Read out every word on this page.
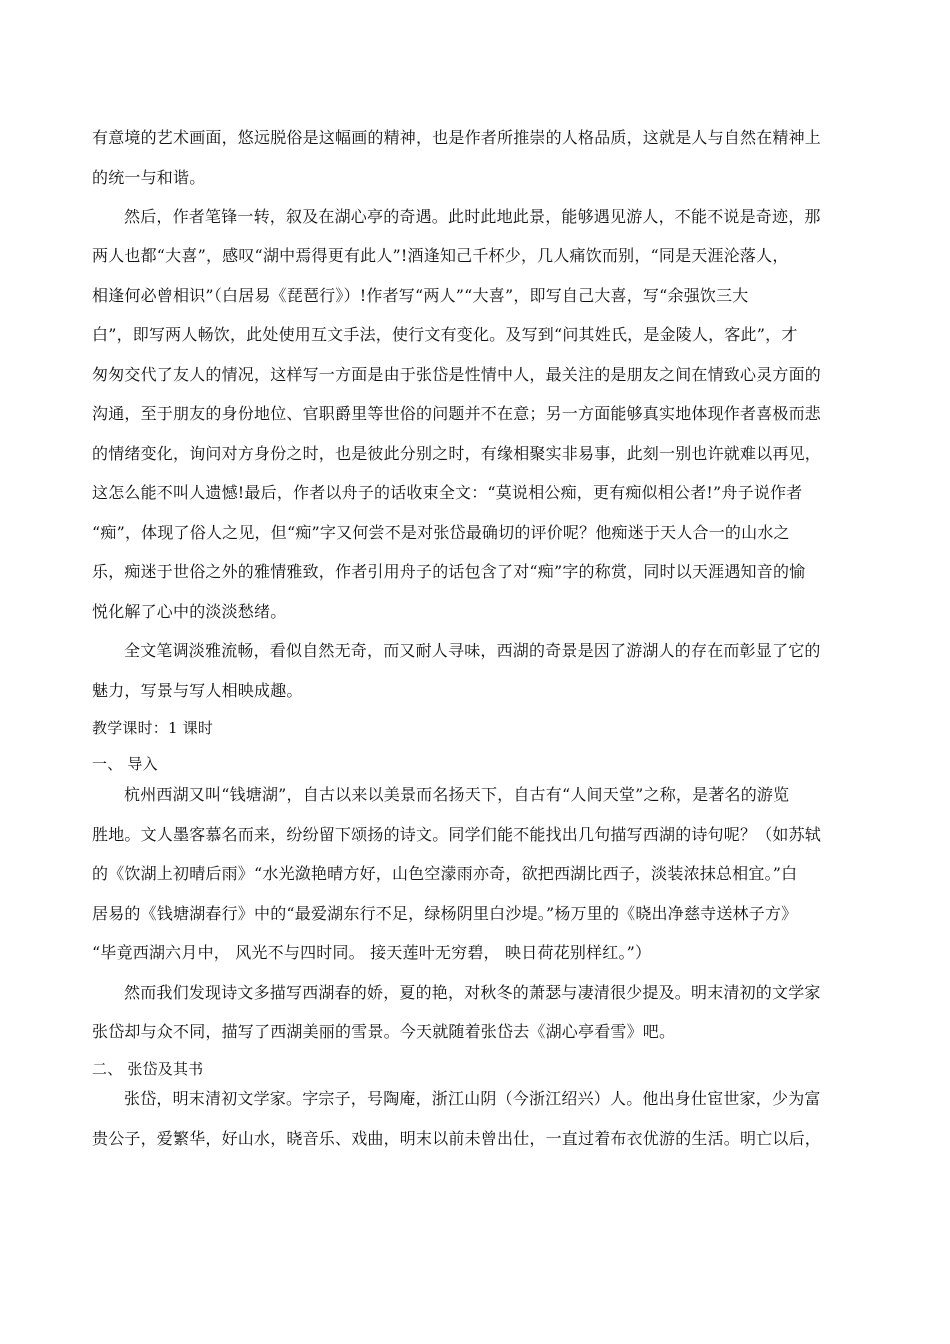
有意境的艺术画面，悠远脱俗是这幅画的精神，也是作者所推崇的人格品质，这就是人与自然在精神上
的统一与和谐。
然后，作者笔锋一转，叙及在湖心亭的奇遇。此时此地此景，能够遇见游人，不能不说是奇迹，那
两人也都“大喜”，感叹“湖中焉得更有此人”!酒逢知己千杯少，几人痛饮而别，“同是天涯沦落人，
相逢何必曾相识”（白居易《琵琶行》）!作者写“两人”“大喜”，即写自己大喜，写“余强饮三大
白”，即写两人畅饮，此处使用互文手法，使行文有变化。及写到“问其姓氏，是金陵人，客此”，才
匆匆交代了友人的情况，这样写一方面是由于张岱是性情中人，最关注的是朋友之间在情致心灵方面的
沟通，至于朋友的身份地位、官职爵里等世俗的问题并不在意；另一方面能够真实地体现作者喜极而悲
的情绪变化，询问对方身份之时，也是彼此分别之时，有缘相聚实非易事，此刻一别也许就难以再见，
这怎么能不叫人遗憾!最后，作者以舟子的话收束全文：“莫说相公痴，更有痴似相公者!”舟子说作者
“痴”，体现了俗人之见，但“痴”字又何尝不是对张岱最确切的评价呢？他痴迷于天人合一的山水之
乐，痴迷于世俗之外的雅情雅致，作者引用舟子的话包含了对“痴”字的称赏，同时以天涯遇知音的愉
悦化解了心中的淡淡愁绪。
全文笔调淡雅流畅，看似自然无奇，而又耐人寻味，西湖的奇景是因了游湖人的存在而彰显了它的
魅力，写景与写人相映成趣。
教学课时：1 课时
一、 导入
杭州西湖又叫“钱塘湖”，自古以来以美景而名扬天下，自古有“人间天堂”之称，是著名的游览
胜地。文人墨客慕名而来，纷纷留下颂扬的诗文。同学们能不能找出几句描写西湖的诗句呢？（如苏轼
的《饮湖上初晴后雨》“水光潋艳晴方好，山色空濛雨亦奇，欲把西湖比西子，淡装浓抹总相宜。”白
居易的《钱塘湖春行》中的“最爱湖东行不足，绿杨阴里白沙堤。”杨万里的《晓出净慈寺送林子方》
“毕竟西湖六月中， 风光不与四时同。 接天莲叶无穷碧， 映日荷花别样红。”）
然而我们发现诗文多描写西湖春的娇，夏的艳，对秋冬的萧瑟与凄清很少提及。明末清初的文学家
张岱却与众不同，描写了西湖美丽的雪景。今天就随着张岱去《湖心亭看雪》吧。
二、 张岱及其书
张岱，明末清初文学家。字宗子，号陶庵，浙江山阴（今浙江绍兴）人。他出身仕宦世家，少为富
贵公子，爱繁华，好山水，晓音乐、戏曲，明末以前未曾出仕，一直过着布衣优游的生活。明亡以后，
